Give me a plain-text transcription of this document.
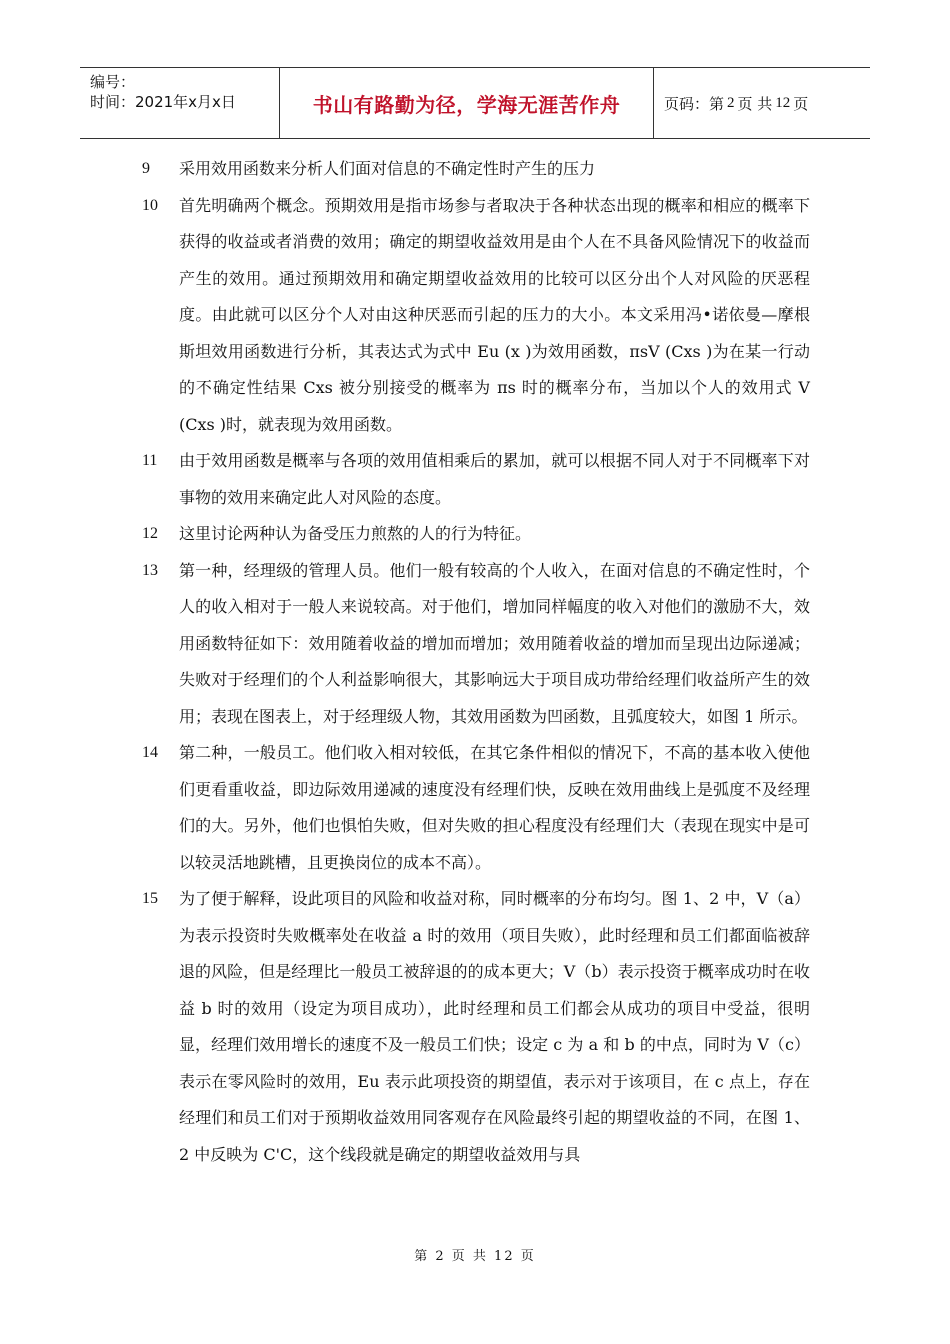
编号：
时间：2021年x月x日	书山有路勤为径，学海无涯苦作舟	页码：第 2 页 共 12 页
9	采用效用函数来分析人们面对信息的不确定性时产生的压力
10	首先明确两个概念。预期效用是指市场参与者取决于各种状态出现的概率和相应的概率下获得的收益或者消费的效用；确定的期望收益效用是由个人在不具备风险情况下的收益而产生的效用。通过预期效用和确定期望收益效用的比较可以区分出个人对风险的厌恶程度。由此就可以区分个人对由这种厌恶而引起的压力的大小。本文采用冯•诺依曼—摩根斯坦效用函数进行分析，其表达式为式中 Eu (x )为效用函数，πsV (Cxs )为在某一行动的不确定性结果 Cxs 被分别接受的概率为 πs 时的概率分布，当加以个人的效用式 V (Cxs )时，就表现为效用函数。
11	由于效用函数是概率与各项的效用值相乘后的累加，就可以根据不同人对于不同概率下对事物的效用来确定此人对风险的态度。
12	这里讨论两种认为备受压力煎熬的人的行为特征。
13	第一种，经理级的管理人员。他们一般有较高的个人收入，在面对信息的不确定性时，个人的收入相对于一般人来说较高。对于他们，增加同样幅度的收入对他们的激励不大，效用函数特征如下：效用随着收益的增加而增加；效用随着收益的增加而呈现出边际递减；失败对于经理们的个人利益影响很大，其影响远大于项目成功带给经理们收益所产生的效用；表现在图表上，对于经理级人物，其效用函数为凹函数，且弧度较大，如图 1 所示。
14	第二种，一般员工。他们收入相对较低，在其它条件相似的情况下，不高的基本收入使他们更看重收益，即边际效用递减的速度没有经理们快，反映在效用曲线上是弧度不及经理们的大。另外，他们也惧怕失败，但对失败的担心程度没有经理们大（表现在现实中是可以较灵活地跳槽，且更换岗位的成本不高）。
15	为了便于解释，设此项目的风险和收益对称，同时概率的分布均匀。图 1、2 中，V（a）为表示投资时失败概率处在收益 a 时的效用（项目失败），此时经理和员工们都面临被辞退的风险，但是经理比一般员工被辞退的的成本更大；V（b）表示投资于概率成功时在收益 b 时的效用（设定为项目成功），此时经理和员工们都会从成功的项目中受益，很明显，经理们效用增长的速度不及一般员工们快；设定 c 为 a 和 b 的中点，同时为 V（c）表示在零风险时的效用，Eu 表示此项投资的期望值，表示对于该项目，在 c 点上，存在经理们和员工们对于预期收益效用同客观存在风险最终引起的期望收益的不同，在图 1、2 中反映为 C'C，这个线段就是确定的期望收益效用与具
第 2 页 共 12 页
